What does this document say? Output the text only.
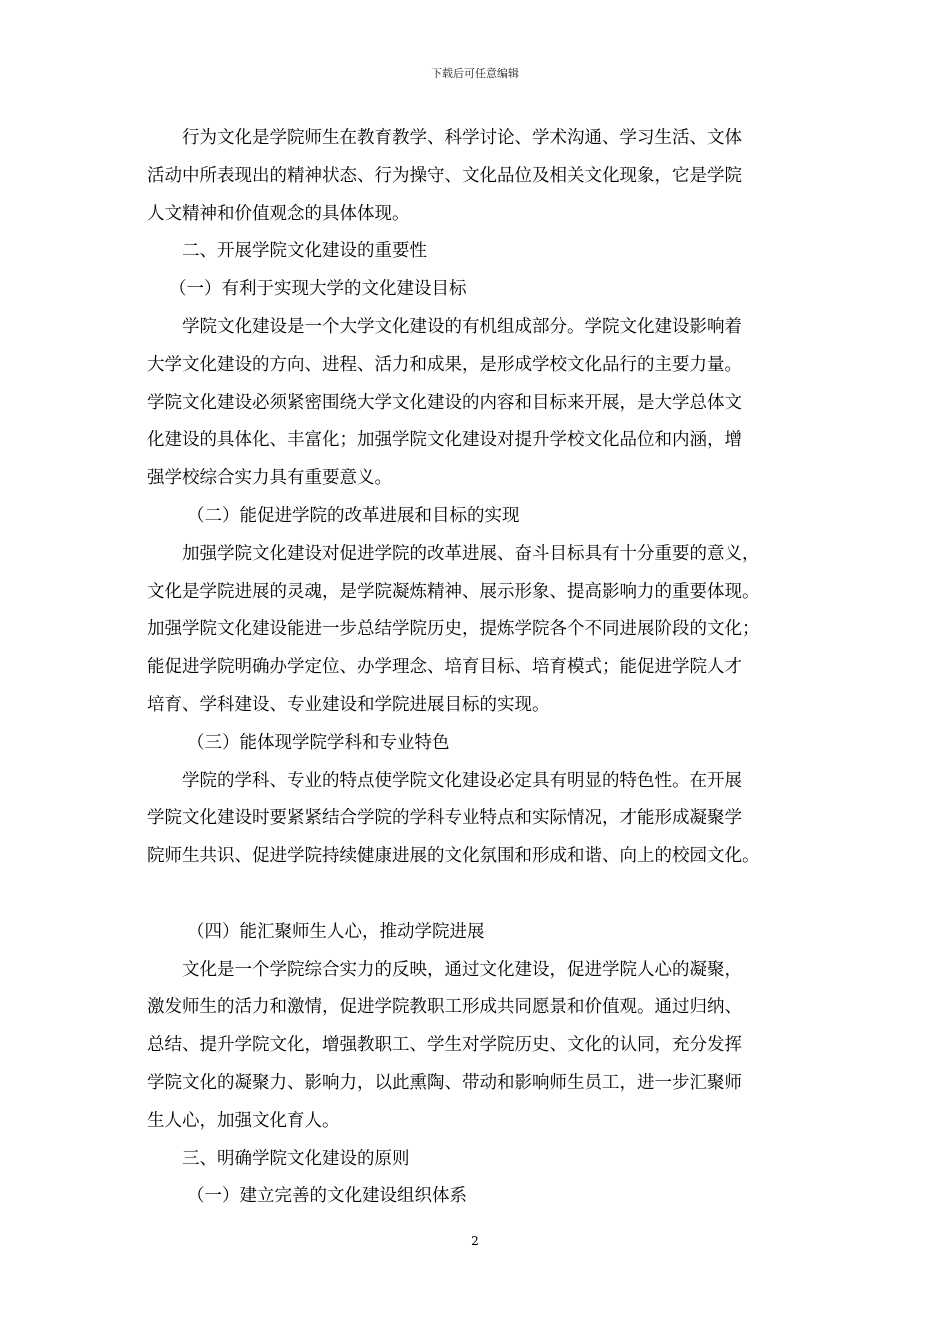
下载后可任意编辑
行为文化是学院师生在教育教学、科学讨论、学术沟通、学习生活、文体
活动中所表现出的精神状态、行为操守、文化品位及相关文化现象，它是学院
人文精神和价值观念的具体体现。
二、开展学院文化建设的重要性
（一）有利于实现大学的文化建设目标
学院文化建设是一个大学文化建设的有机组成部分。学院文化建设影响着
大学文化建设的方向、进程、活力和成果，是形成学校文化品行的主要力量。
学院文化建设必须紧密围绕大学文化建设的内容和目标来开展，是大学总体文
化建设的具体化、丰富化；加强学院文化建设对提升学校文化品位和内涵，增
强学校综合实力具有重要意义。
（二）能促进学院的改革进展和目标的实现
加强学院文化建设对促进学院的改革进展、奋斗目标具有十分重要的意义，
文化是学院进展的灵魂，是学院凝炼精神、展示形象、提高影响力的重要体现。
加强学院文化建设能进一步总结学院历史，提炼学院各个不同进展阶段的文化；
能促进学院明确办学定位、办学理念、培育目标、培育模式；能促进学院人才
培育、学科建设、专业建设和学院进展目标的实现。
（三）能体现学院学科和专业特色
学院的学科、专业的特点使学院文化建设必定具有明显的特色性。在开展
学院文化建设时要紧紧结合学院的学科专业特点和实际情况，才能形成凝聚学
院师生共识、促进学院持续健康进展的文化氛围和形成和谐、向上的校园文化。
（四）能汇聚师生人心，推动学院进展
文化是一个学院综合实力的反映，通过文化建设，促进学院人心的凝聚，
激发师生的活力和激情，促进学院教职工形成共同愿景和价值观。通过归纳、
总结、提升学院文化，增强教职工、学生对学院历史、文化的认同，充分发挥
学院文化的凝聚力、影响力，以此熏陶、带动和影响师生员工，进一步汇聚师
生人心，加强文化育人。
三、明确学院文化建设的原则
（一）建立完善的文化建设组织体系
2
